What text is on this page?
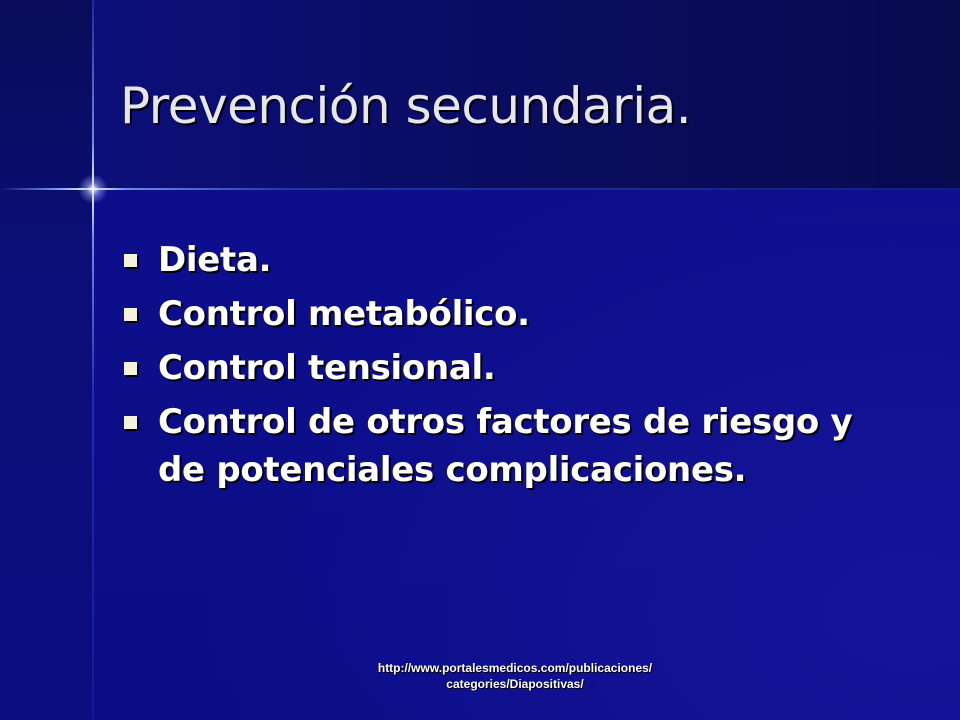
Prevención secundaria.
Dieta.
Control metabólico.
Control tensional.
Control de otros factores de riesgo y de potenciales complicaciones.
http://www.portalesmedicos.com/publicaciones/
categories/Diapositivas/
